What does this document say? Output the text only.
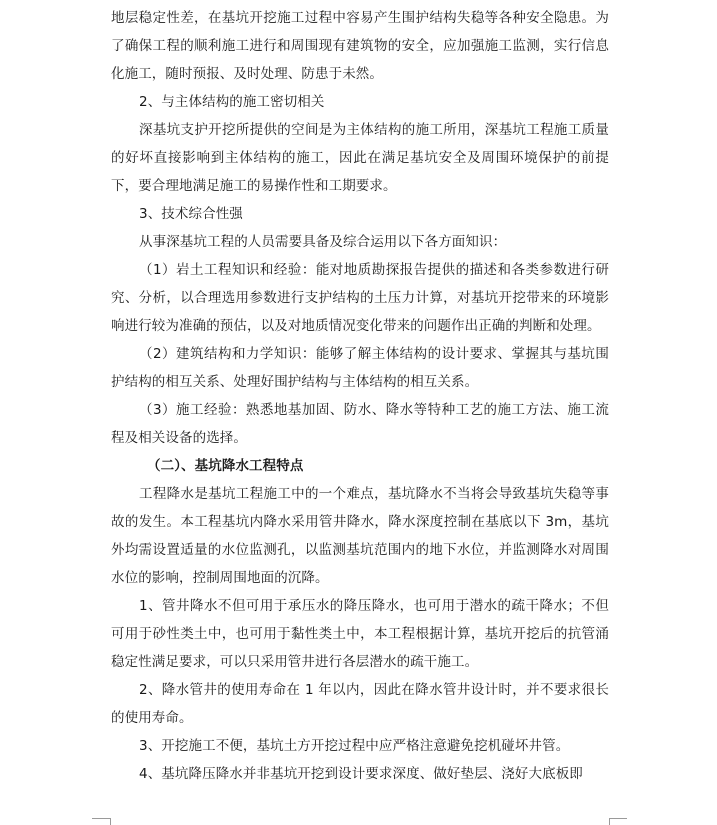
地层稳定性差，在基坑开挖施工过程中容易产生围护结构失稳等各种安全隐患。为了确保工程的顺利施工进行和周围现有建筑物的安全，应加强施工监测，实行信息化施工，随时预报、及时处理、防患于未然。

2、与主体结构的施工密切相关

深基坑支护开挖所提供的空间是为主体结构的施工所用，深基坑工程施工质量的好坏直接影响到主体结构的施工，因此在满足基坑安全及周围环境保护的前提下，要合理地满足施工的易操作性和工期要求。

3、技术综合性强

从事深基坑工程的人员需要具备及综合运用以下各方面知识：

（1）岩土工程知识和经验：能对地质勘探报告提供的描述和各类参数进行研究、分析，以合理选用参数进行支护结构的土压力计算，对基坑开挖带来的环境影响进行较为准确的预估，以及对地质情况变化带来的问题作出正确的判断和处理。

（2）建筑结构和力学知识：能够了解主体结构的设计要求、掌握其与基坑围护结构的相互关系、处理好围护结构与主体结构的相互关系。

（3）施工经验：熟悉地基加固、防水、降水等特种工艺的施工方法、施工流程及相关设备的选择。

（二）、基坑降水工程特点

工程降水是基坑工程施工中的一个难点，基坑降水不当将会导致基坑失稳等事故的发生。本工程基坑内降水采用管井降水，降水深度控制在基底以下 3m，基坑外均需设置适量的水位监测孔，以监测基坑范围内的地下水位，并监测降水对周围水位的影响，控制周围地面的沉降。

1、管井降水不但可用于承压水的降压降水，也可用于潜水的疏干降水；不但可用于砂性类土中，也可用于黏性类土中，本工程根据计算，基坑开挖后的抗管涌稳定性满足要求，可以只采用管井进行各层潜水的疏干施工。

2、降水管井的使用寿命在 1 年以内，因此在降水管井设计时，并不要求很长的使用寿命。

3、开挖施工不便，基坑土方开挖过程中应严格注意避免挖机碰坏井管。

4、基坑降压降水并非基坑开挖到设计要求深度、做好垫层、浇好大底板即
